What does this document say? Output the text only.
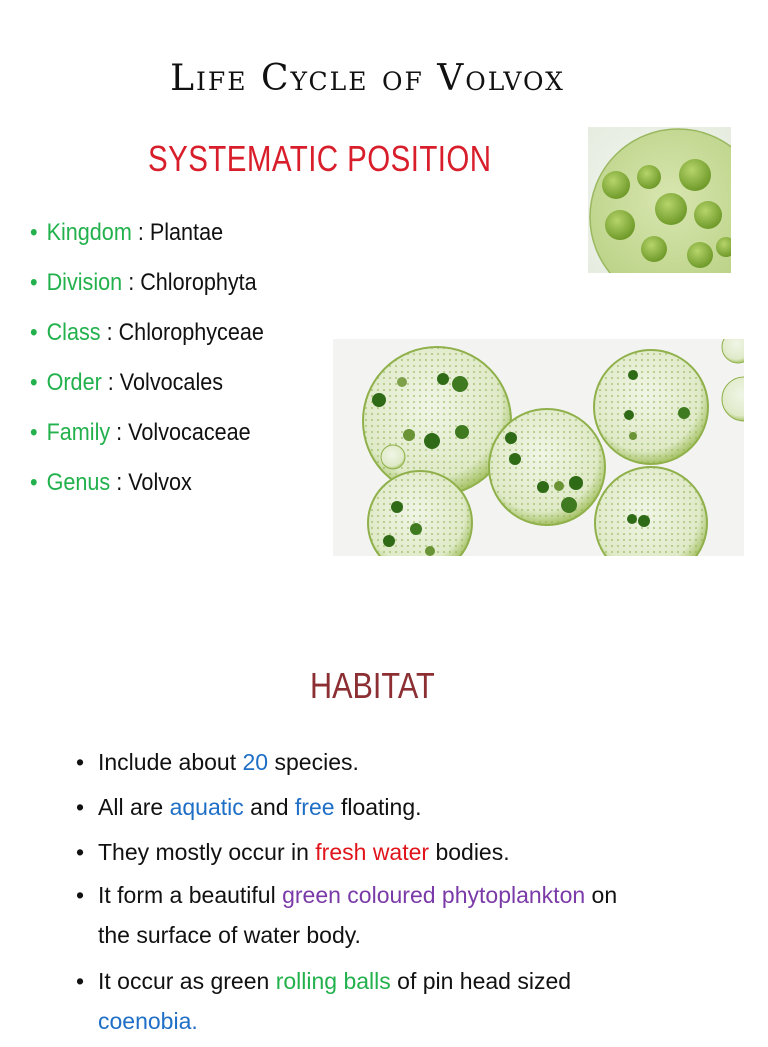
Life Cycle of Volvox
SYSTEMATIC POSITION
• Kingdom : Plantae
• Division : Chlorophyta
• Class : Chlorophyceae
• Order : Volvocales
• Family : Volvocaceae
• Genus : Volvox
HABITAT
• Include about 20 species.
• All are aquatic and free floating.
• They mostly occur in fresh water bodies.
• It form a beautiful green coloured phytoplankton on
the surface of water body.
• It occur as green rolling balls of pin head sized
coenobia.
